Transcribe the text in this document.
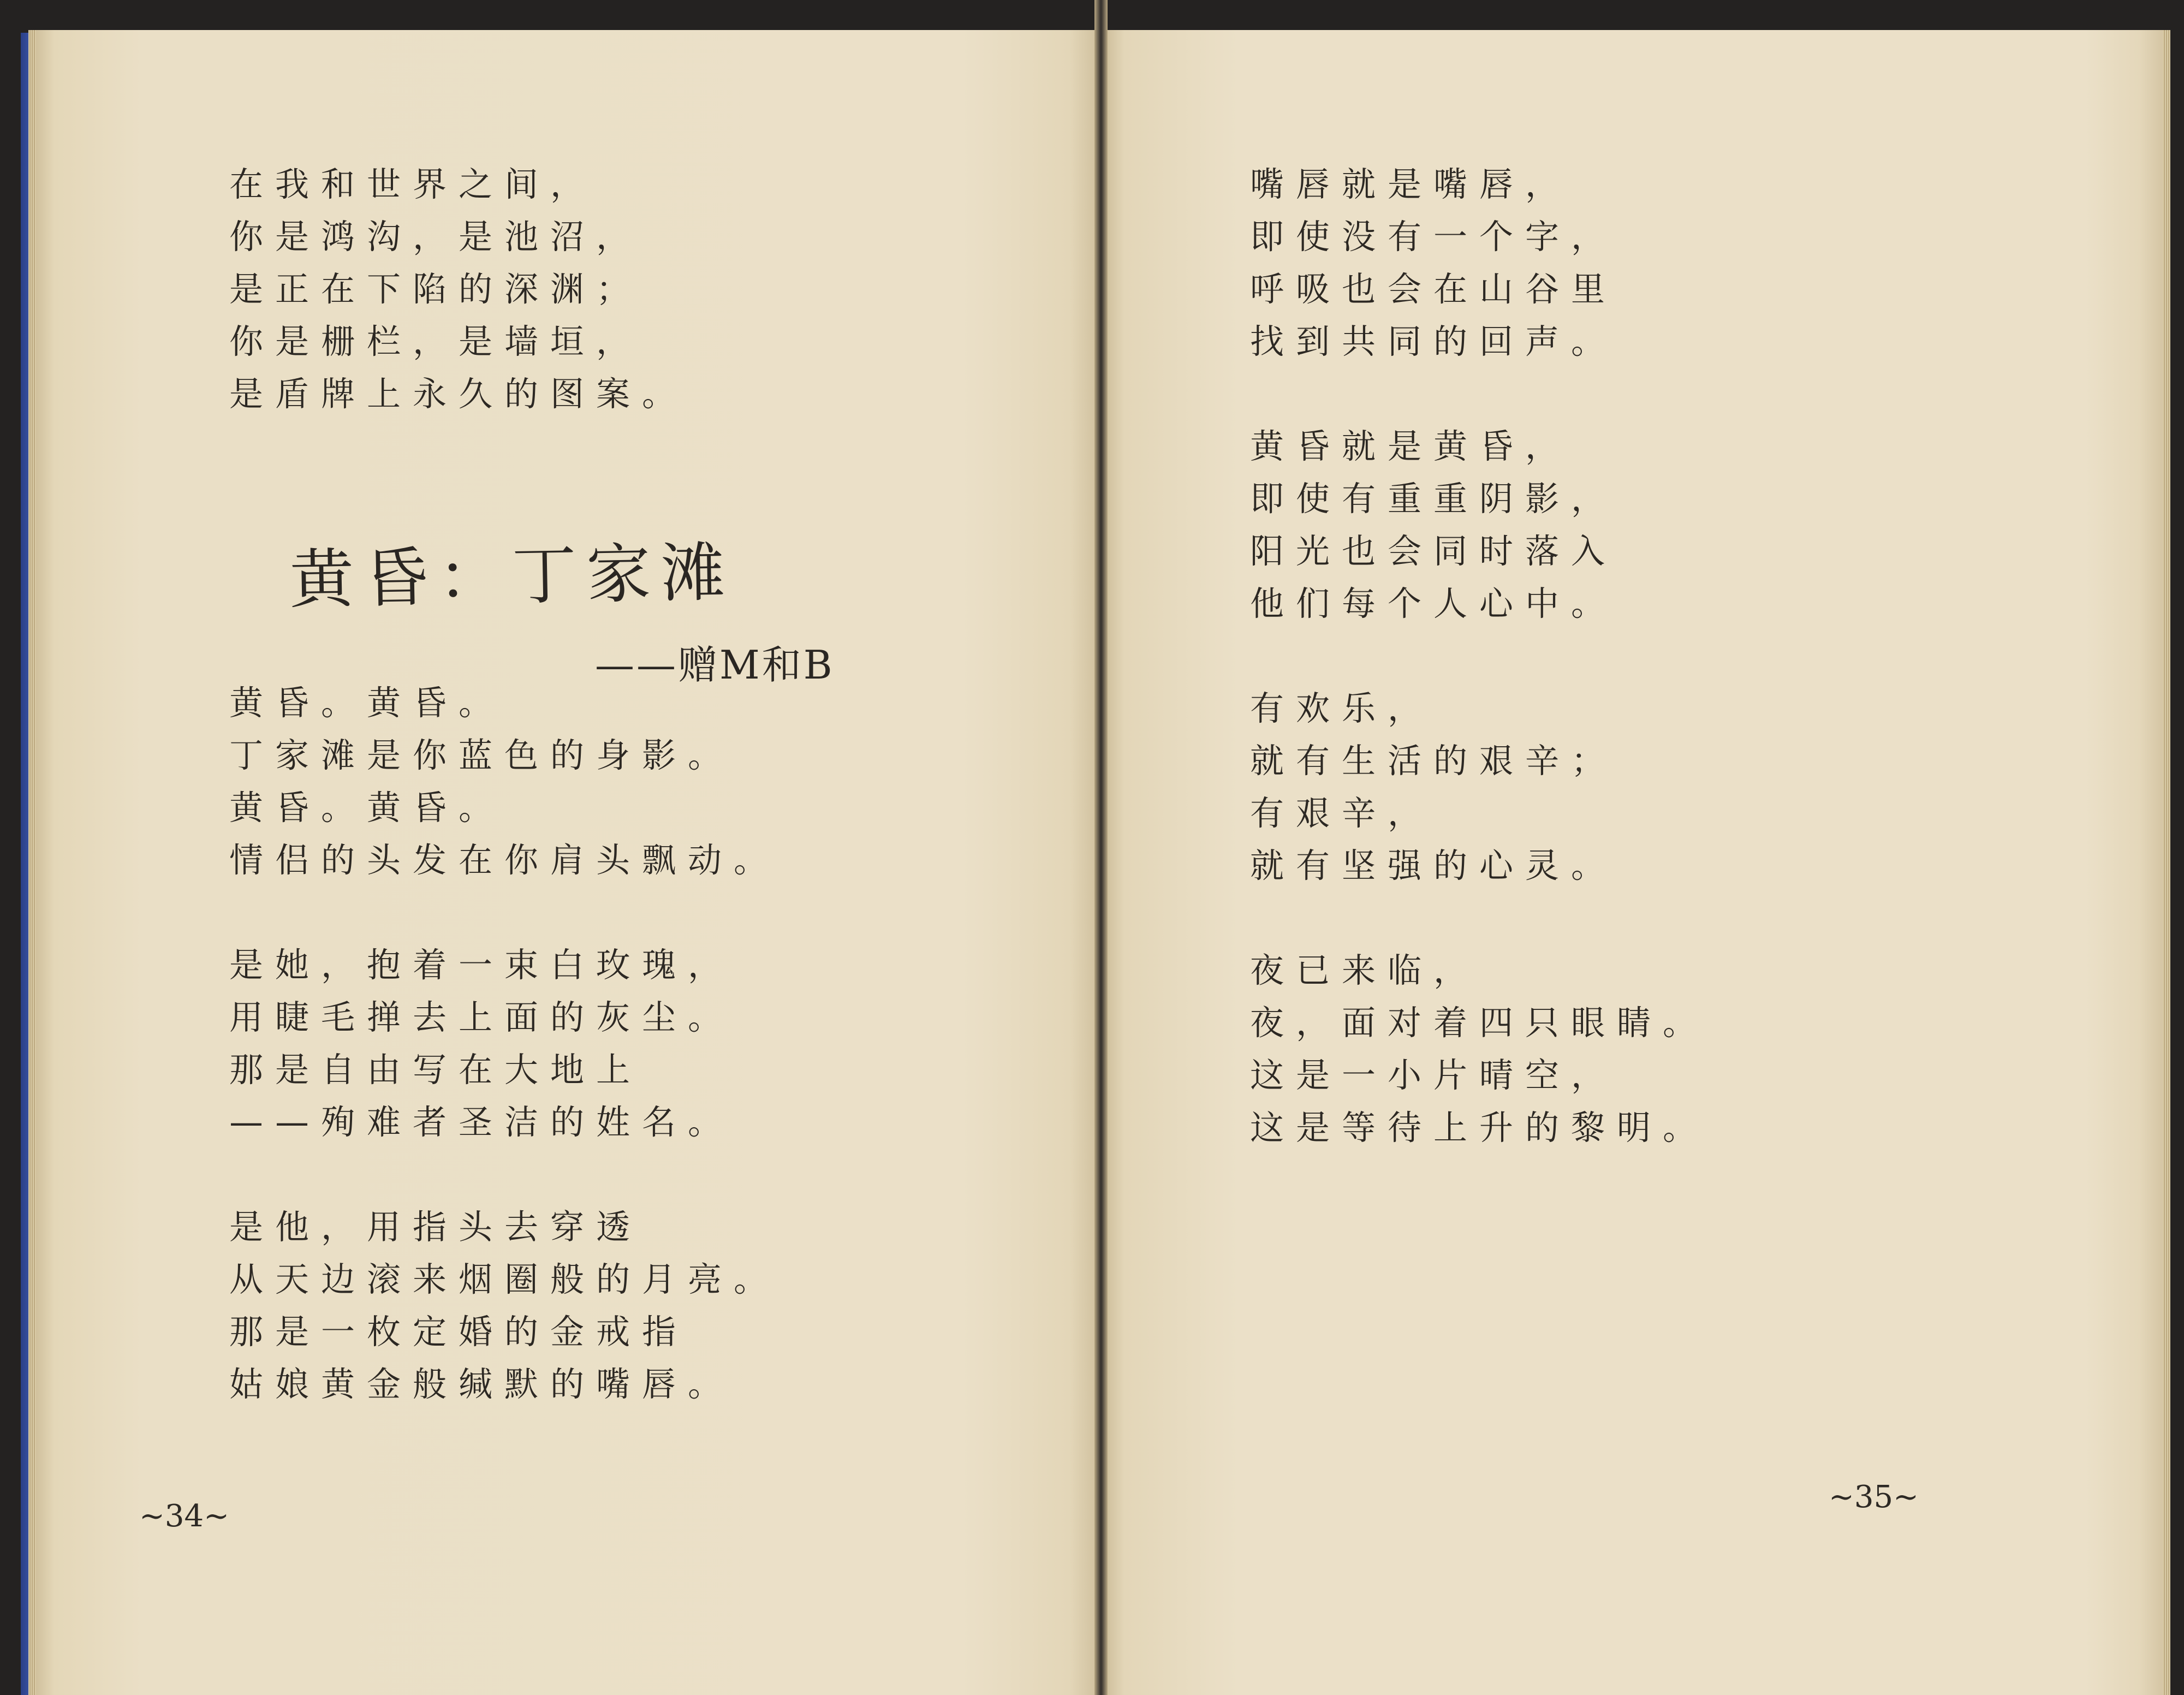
在我和世界之间，
你是鸿沟，是池沼，
是正在下陷的深渊；
你是栅栏，是墙垣，
是盾牌上永久的图案。
黄昏：丁家滩
——赠M和B
黄昏。黄昏。
丁家滩是你蓝色的身影。
黄昏。黄昏。
情侣的头发在你肩头飘动。
是她，抱着一束白玫瑰，
用睫毛掸去上面的灰尘。
那是自由写在大地上
——殉难者圣洁的姓名。
是他，用指头去穿透
从天边滚来烟圈般的月亮。
那是一枚定婚的金戒指
姑娘黄金般缄默的嘴唇。
~34~
嘴唇就是嘴唇，
即使没有一个字，
呼吸也会在山谷里
找到共同的回声。
黄昏就是黄昏，
即使有重重阴影，
阳光也会同时落入
他们每个人心中。
有欢乐，
就有生活的艰辛；
有艰辛，
就有坚强的心灵。
夜已来临，
夜，面对着四只眼睛。
这是一小片晴空，
这是等待上升的黎明。
~35~
